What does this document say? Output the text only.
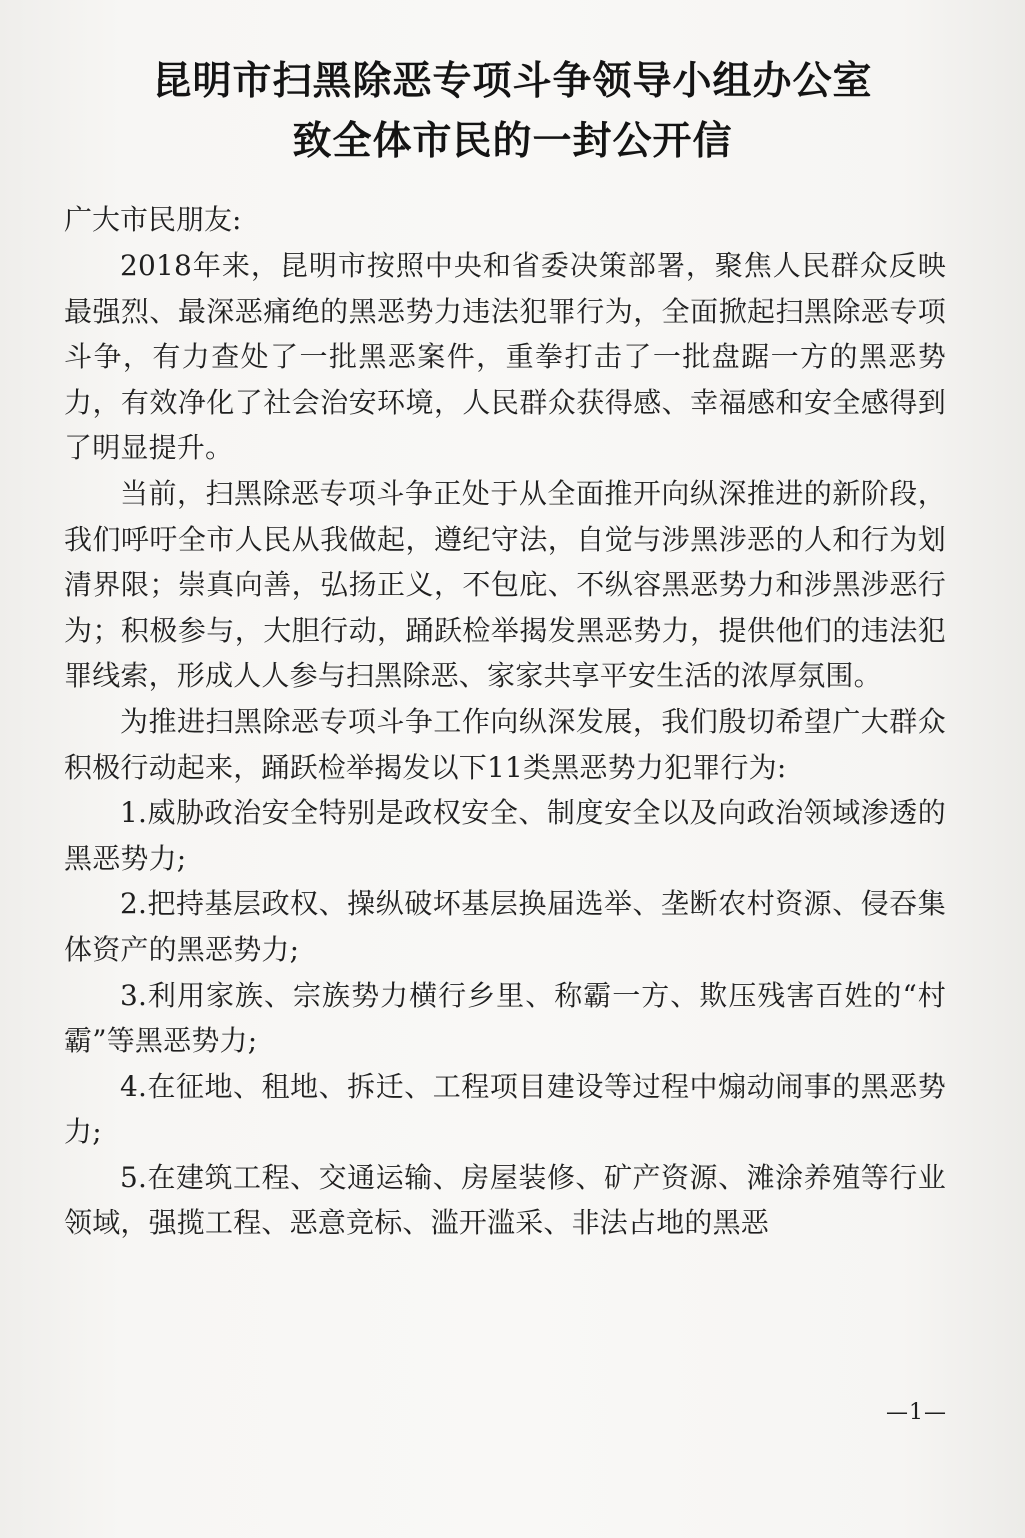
昆明市扫黑除恶专项斗争领导小组办公室
致全体市民的一封公开信
广大市民朋友:

2018年来，昆明市按照中央和省委决策部署，聚焦人民群众反映最强烈、最深恶痛绝的黑恶势力违法犯罪行为，全面掀起扫黑除恶专项斗争，有力查处了一批黑恶案件，重拳打击了一批盘踞一方的黑恶势力，有效净化了社会治安环境，人民群众获得感、幸福感和安全感得到了明显提升。

当前，扫黑除恶专项斗争正处于从全面推开向纵深推进的新阶段，我们呼吁全市人民从我做起，遵纪守法，自觉与涉黑涉恶的人和行为划清界限；崇真向善，弘扬正义，不包庇、不纵容黑恶势力和涉黑涉恶行为；积极参与，大胆行动，踊跃检举揭发黑恶势力，提供他们的违法犯罪线索，形成人人参与扫黑除恶、家家共享平安生活的浓厚氛围。

为推进扫黑除恶专项斗争工作向纵深发展，我们殷切希望广大群众积极行动起来，踊跃检举揭发以下11类黑恶势力犯罪行为:

1.威胁政治安全特别是政权安全、制度安全以及向政治领域渗透的黑恶势力;

2.把持基层政权、操纵破坏基层换届选举、垄断农村资源、侵吞集体资产的黑恶势力;

3.利用家族、宗族势力横行乡里、称霸一方、欺压残害百姓的“村霸”等黑恶势力;

4.在征地、租地、拆迁、工程项目建设等过程中煽动闹事的黑恶势力;

5.在建筑工程、交通运输、房屋装修、矿产资源、滩涂养殖等行业领域，强揽工程、恶意竞标、滥开滥采、非法占地的黑恶

—1—
